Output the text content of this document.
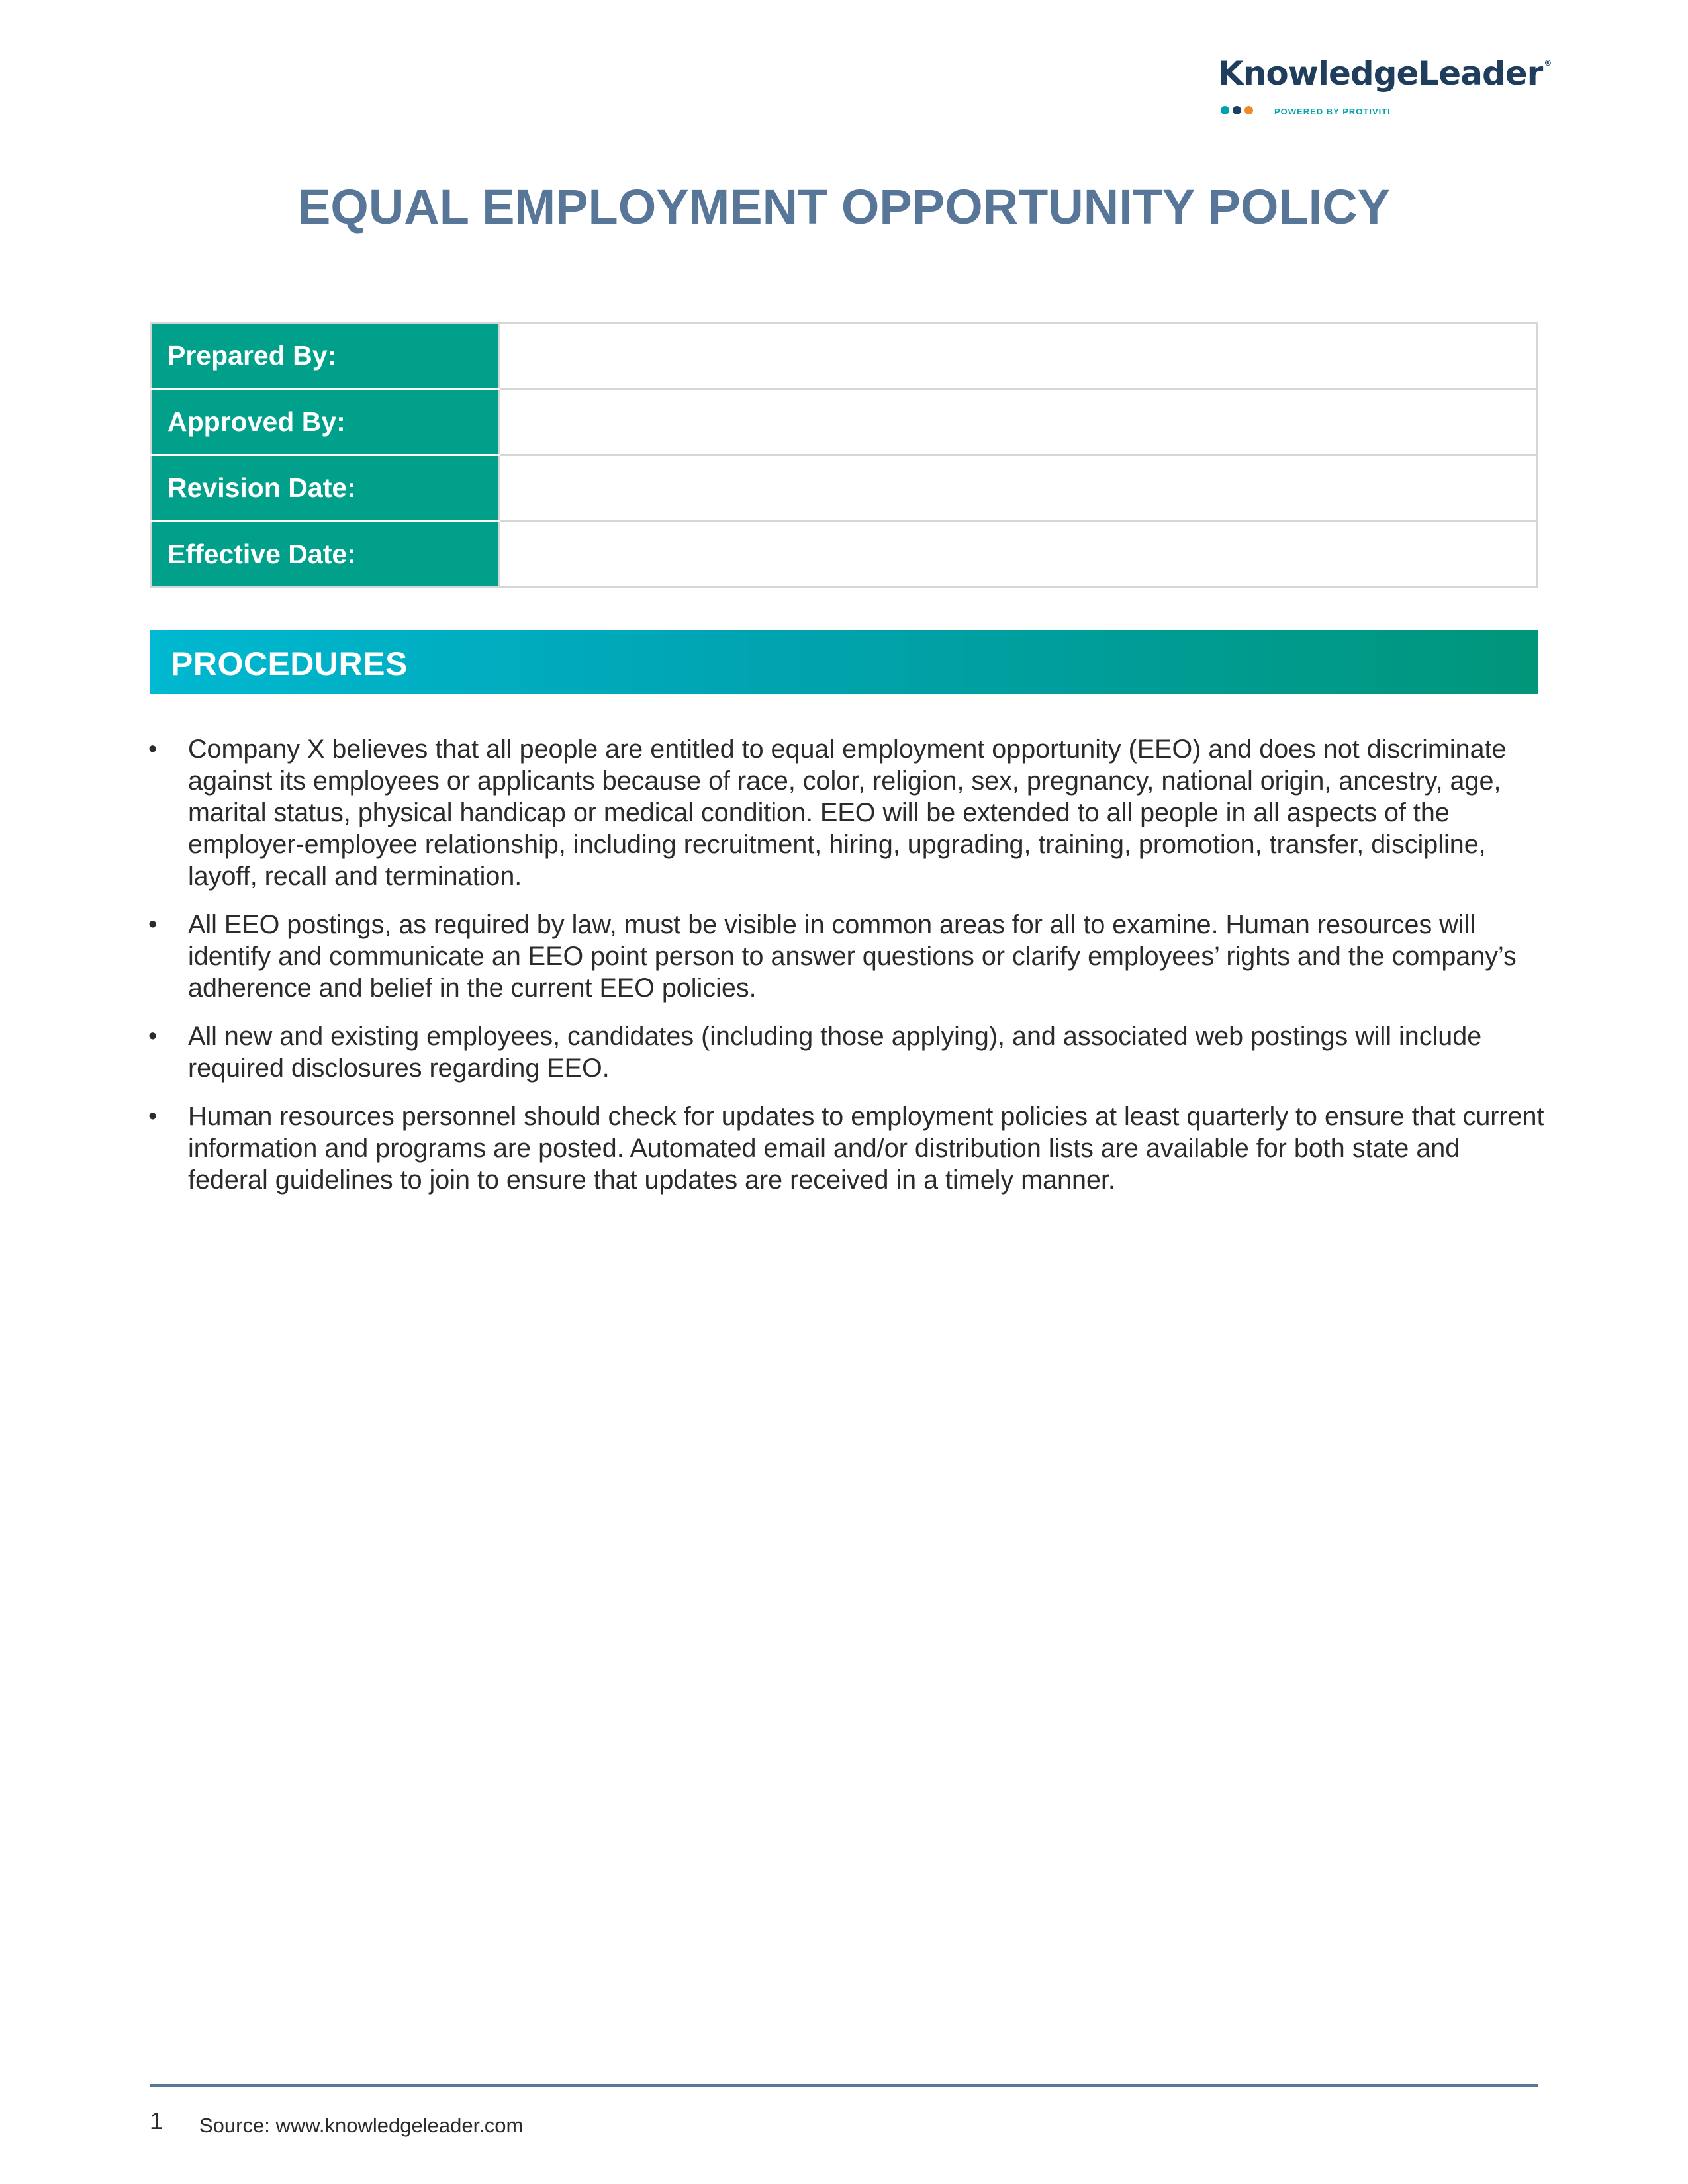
KnowledgeLeader ®
POWERED BY PROTIVITI
EQUAL EMPLOYMENT OPPORTUNITY POLICY
Prepared By:	
Approved By:	
Revision Date:	
Effective Date:	
PROCEDURES
• Company X believes that all people are entitled to equal employment opportunity (EEO) and does not discriminate against its employees or applicants because of race, color, religion, sex, pregnancy, national origin, ancestry, age, marital status, physical handicap or medical condition. EEO will be extended to all people in all aspects of the employer-employee relationship, including recruitment, hiring, upgrading, training, promotion, transfer, discipline, layoff, recall and termination.
• All EEO postings, as required by law, must be visible in common areas for all to examine. Human resources will identify and communicate an EEO point person to answer questions or clarify employees’ rights and the company’s adherence and belief in the current EEO policies.
• All new and existing employees, candidates (including those applying), and associated web postings will include required disclosures regarding EEO.
• Human resources personnel should check for updates to employment policies at least quarterly to ensure that current information and programs are posted. Automated email and/or distribution lists are available for both state and federal guidelines to join to ensure that updates are received in a timely manner.
1 Source: www.knowledgeleader.com
